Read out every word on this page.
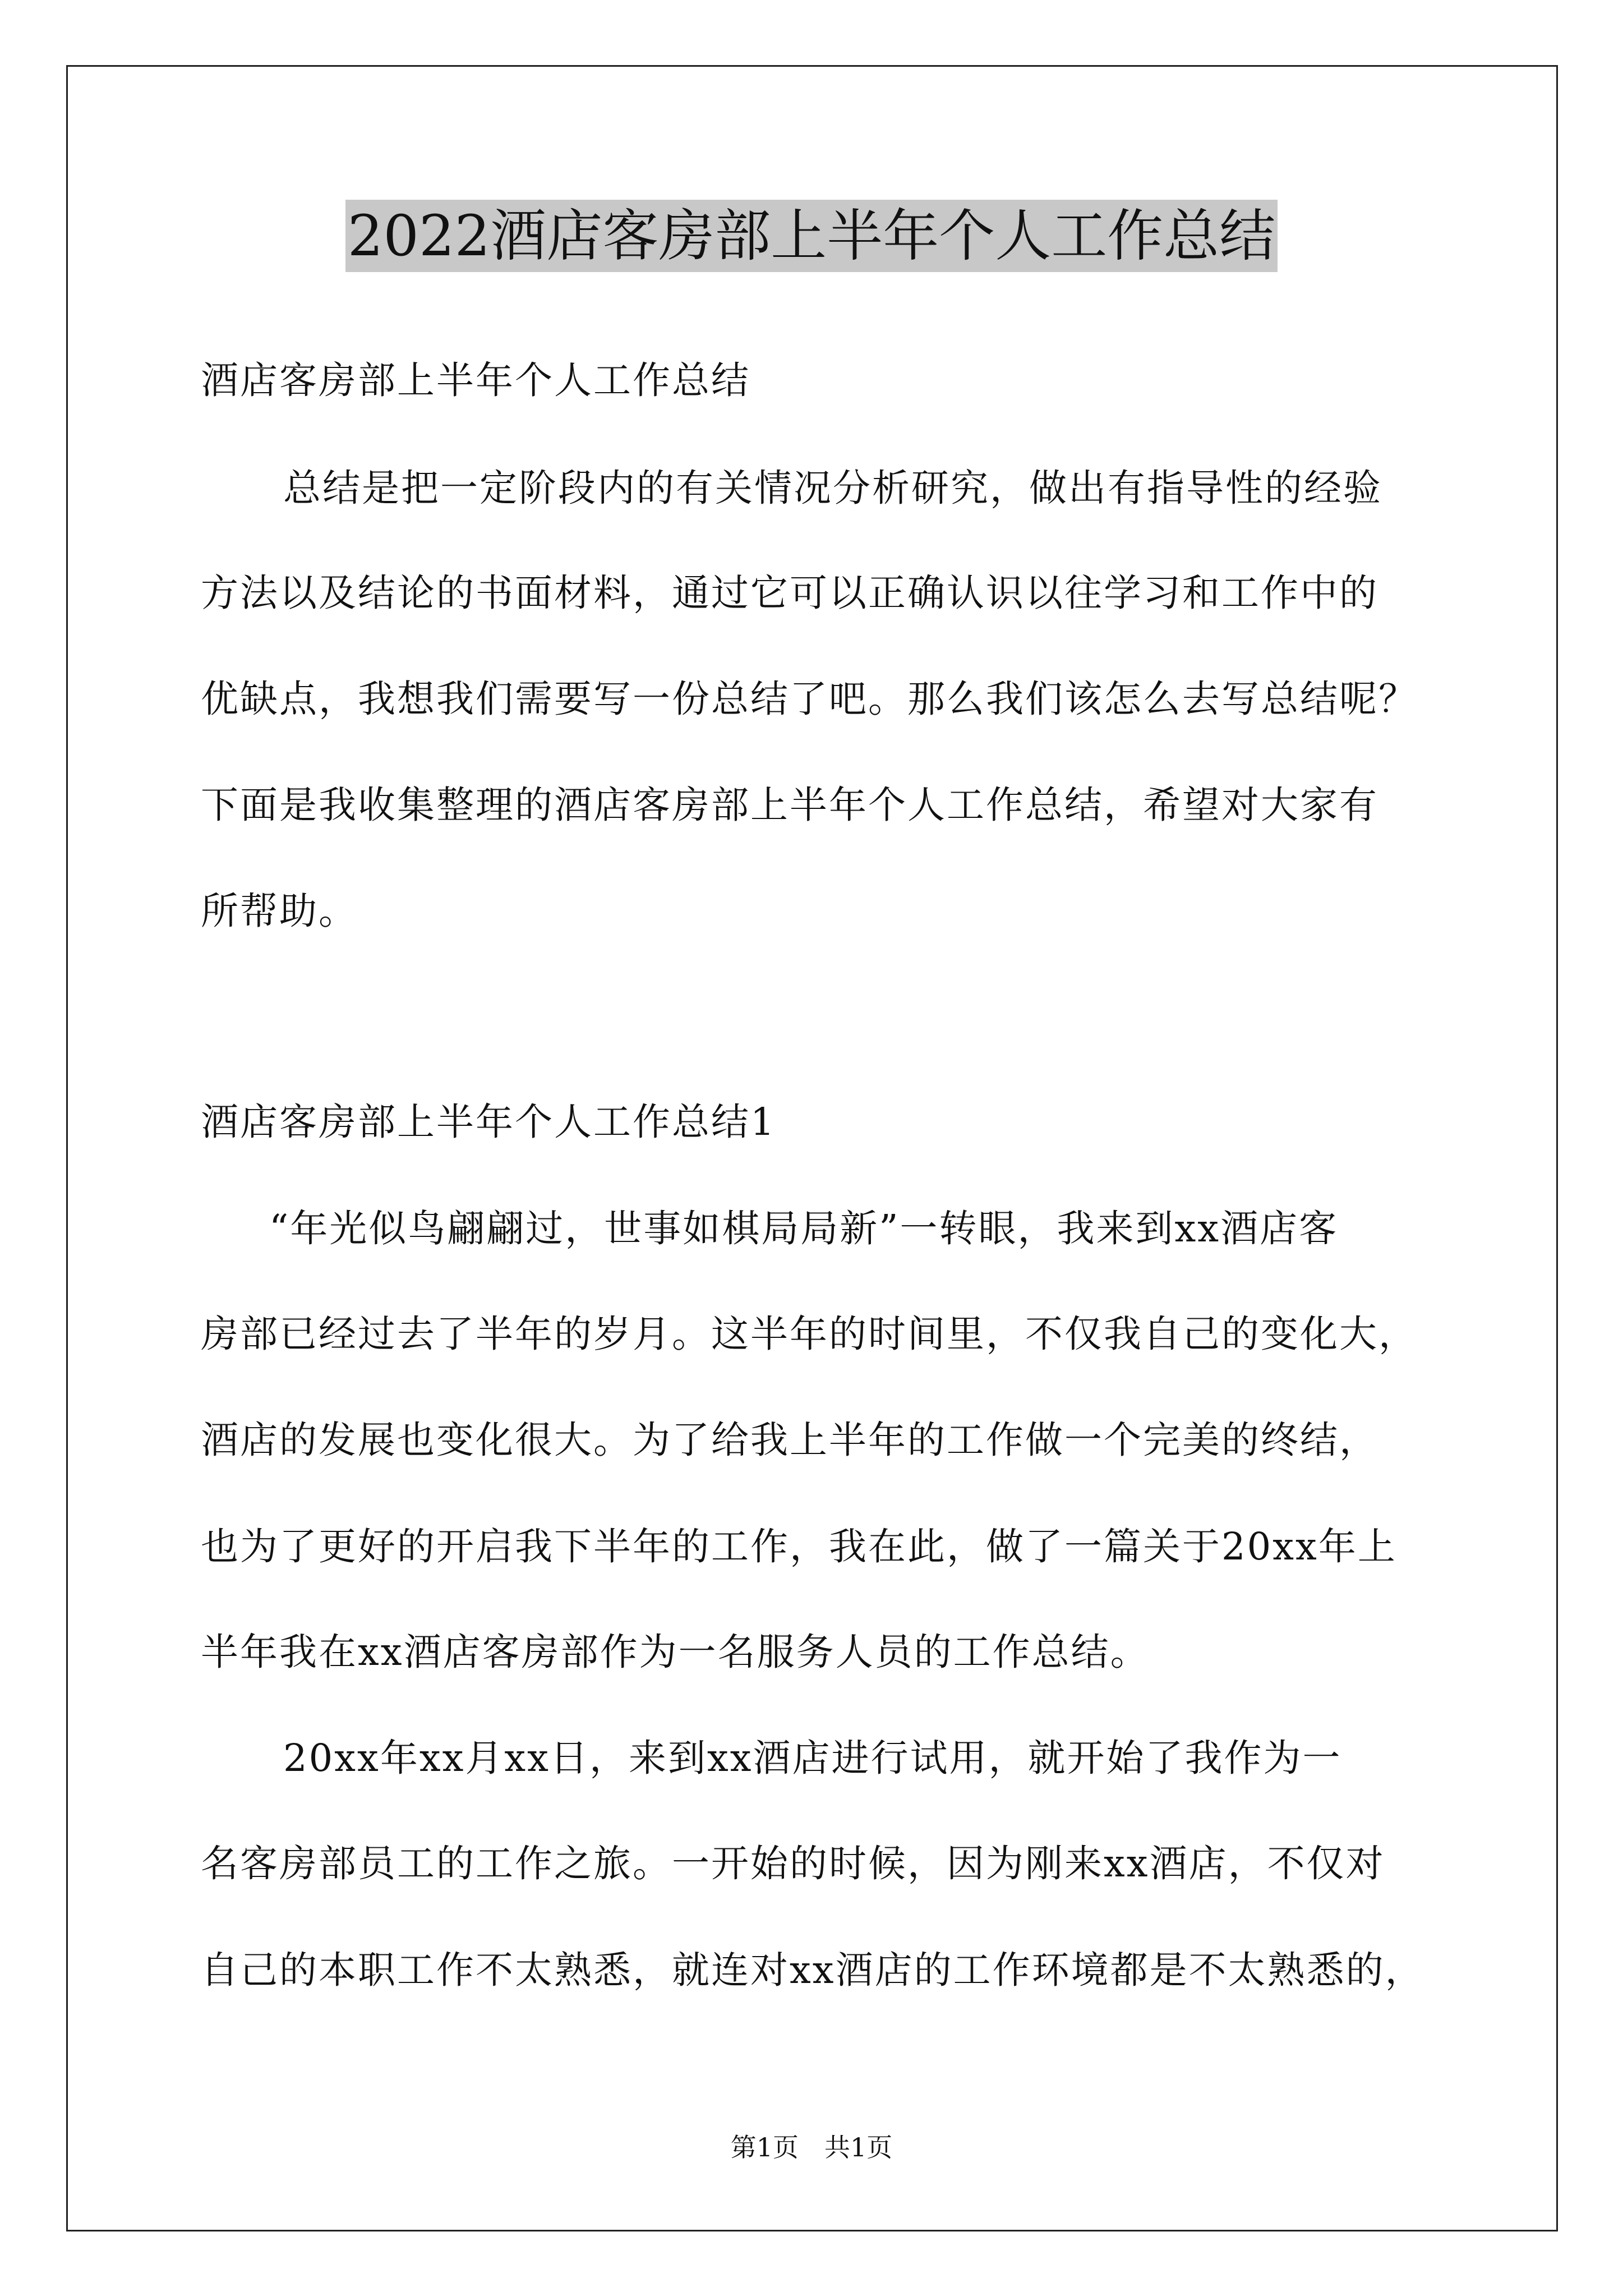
2022酒店客房部上半年个人工作总结
酒店客房部上半年个人工作总结
总结是把一定阶段内的有关情况分析研究，做出有指导性的经验
方法以及结论的书面材料，通过它可以正确认识以往学习和工作中的
优缺点，我想我们需要写一份总结了吧。那么我们该怎么去写总结呢？
下面是我收集整理的酒店客房部上半年个人工作总结，希望对大家有
所帮助。
酒店客房部上半年个人工作总结1
“年光似鸟翩翩过，世事如棋局局新”一转眼，我来到xx酒店客
房部已经过去了半年的岁月。这半年的时间里，不仅我自己的变化大，
酒店的发展也变化很大。为了给我上半年的工作做一个完美的终结，
也为了更好的开启我下半年的工作，我在此，做了一篇关于20xx年上
半年我在xx酒店客房部作为一名服务人员的工作总结。
20xx年xx月xx日，来到xx酒店进行试用，就开始了我作为一
名客房部员工的工作之旅。一开始的时候，因为刚来xx酒店，不仅对
自己的本职工作不太熟悉，就连对xx酒店的工作环境都是不太熟悉的，
第1页　共1页
